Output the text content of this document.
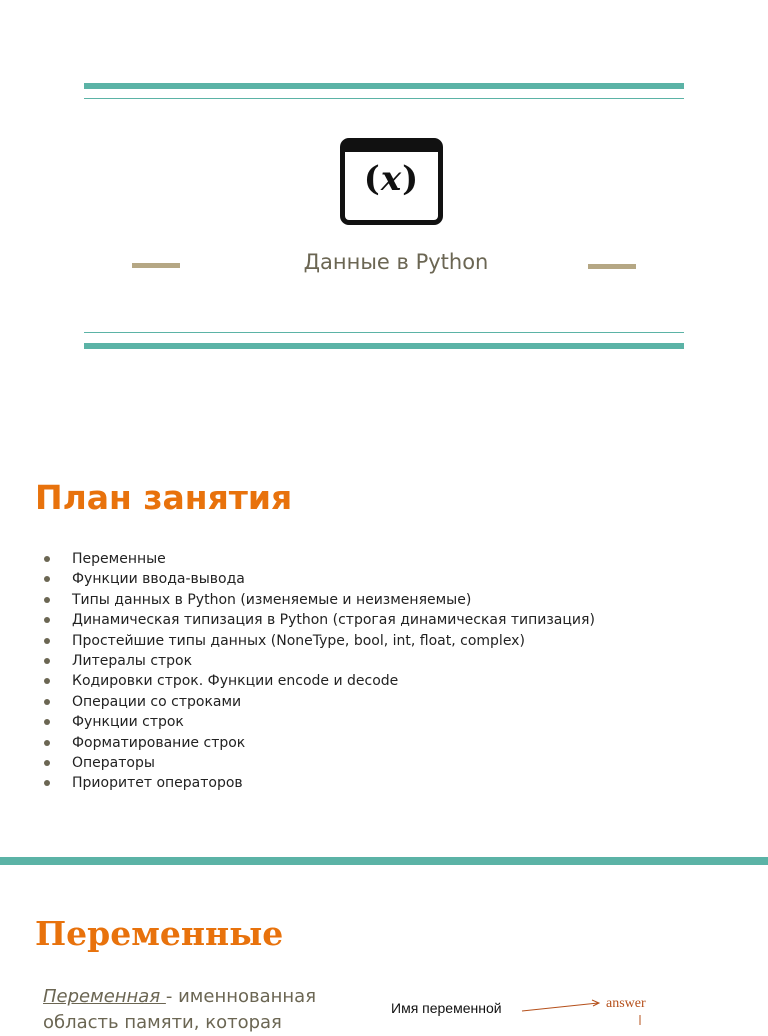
(x)
Данные в Python
План занятия
Переменные
Функции ввода-вывода
Типы данных в Python (изменяемые и неизменяемые)
Динамическая типизация в Python (строгая динамическая типизация)
Простейшие типы данных (NoneType, bool, int, float, complex)
Литералы строк
Кодировки строк. Функции encode и decode
Операции со строками
Функции строк
Форматирование строк
Операторы
Приоритет операторов
Переменные
Переменная - именнованная область памяти, которая
Имя переменной	answer
